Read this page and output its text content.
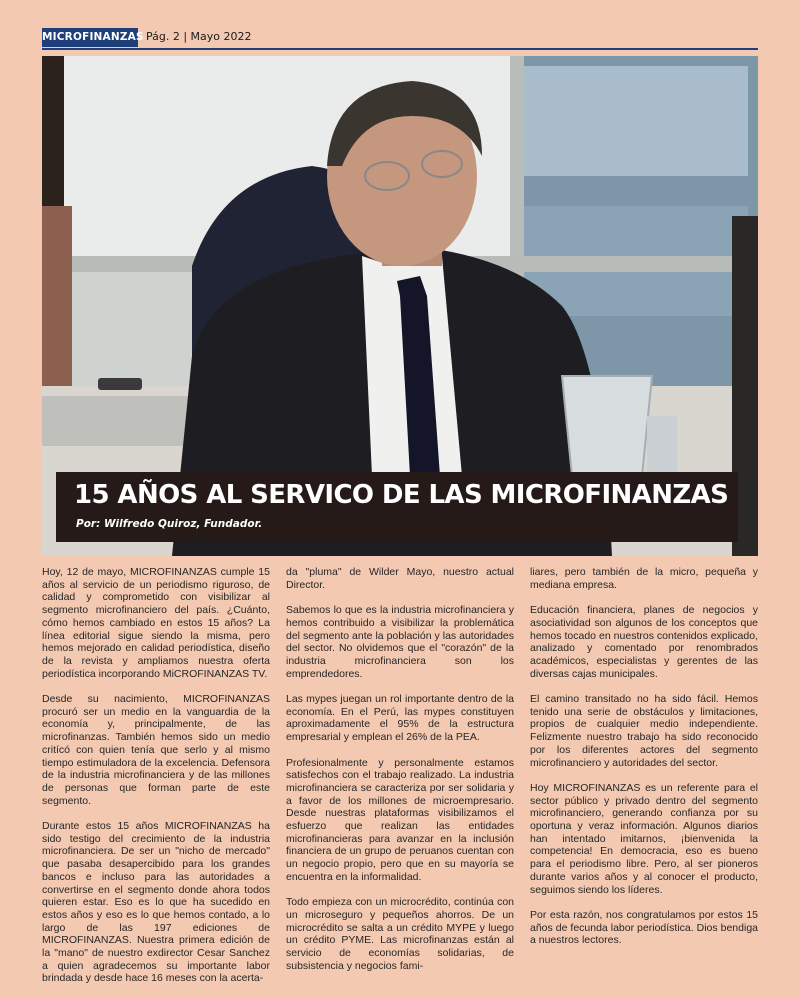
MICROFINANZAS Pág. 2 | Mayo 2022
15 AÑOS AL SERVICO DE LAS MICROFINANZAS
Por: Wilfredo Quiroz, Fundador.

Hoy, 12 de mayo, MICROFINANZAS cumple 15 años al servicio de un periodismo riguroso, de calidad y comprometido con visibilizar al segmento microfinanciero del país. ¿Cuánto, cómo hemos cambiado en estos 15 años? La línea editorial sigue siendo la misma, pero hemos mejorado en calidad periodística, diseño de la revista y ampliamos nuestra oferta periodística incorporando MiCROFINANZAS TV.

Desde su nacimiento, MICROFINANZAS procuró ser un medio en la vanguardia de la economía y, principalmente, de las microfinanzas. También hemos sido un medio critícó con quien tenía que serlo y al mismo tiempo estimuladora de la excelencia. Defensora de la industria microfinanciera y de las millones de personas que forman parte de este segmento.

Durante estos 15 años MICROFINANZAS ha sido testigo del crecimiento de la industria microfinanciera. De ser un "nicho de mercado" que pasaba desapercibido para los grandes bancos e incluso para las autoridades a convertirse en el segmento donde ahora todos quieren estar. Eso es lo que ha sucedido en estos años y eso es lo que hemos contado, a lo largo de las 197 ediciones de MICROFINANZAS. Nuestra primera edición de la "mano" de nuestro exdirector Cesar Sanchez a quien agradecemos su importante labor brindada y desde hace 16 meses con la acerta-

da "pluma" de Wilder Mayo, nuestro actual Director.

Sabemos lo que es la industria microfinanciera y hemos contribuido a visibilizar la problemática del segmento ante la población y las autoridades del sector. No olvidemos que el "corazón" de la industria microfinanciera son los emprendedores.

Las mypes juegan un rol importante dentro de la economía. En el Perú, las mypes constituyen aproximadamente el 95% de la estructura empresarial y emplean el 26% de la PEA.

Profesionalmente y personalmente estamos satisfechos con el trabajo realizado. La industria microfinanciera se caracteriza por ser solidaria y a favor de los millones de microempresario. Desde nuestras plataformas visibilizamos el esfuerzo que realizan las entidades microfinancieras para avanzar en la inclusión financiera de un grupo de peruanos cuentan con un negocio propio, pero que en su mayoría se encuentra en la informalidad.

Todo empieza con un microcrédito, continúa con un microseguro y pequeños ahorros. De un microcrédito se salta a un crédito MYPE y luego un crédito PYME. Las microfinanzas están al servicio de economías solidarias, de subsistencia y negocios fami-

liares, pero también de la micro, pequeña y mediana empresa.

Educación financiera, planes de negocios y asociatividad son algunos de los conceptos que hemos tocado en nuestros contenidos explicado, analizado y comentado por renombrados académicos, especialistas y gerentes de las diversas cajas municipales.

El camino transitado no ha sido fácil. Hemos tenido una serie de obstáculos y limitaciones, propios de cualquier medio independiente. Felizmente nuestro trabajo ha sido reconocido por los diferentes actores del segmento microfinanciero y autoridades del sector.

Hoy MICROFINANZAS es un referente para el sector público y privado dentro del segmento microfinanciero, generando confianza por su oportuna y veraz información. Algunos diarios han intentado imitarnos, ¡bienvenida la competencia! En democracia, eso es bueno para el periodismo libre. Pero, al ser pioneros durante varios años y al conocer el producto, seguimos siendo los líderes.

Por esta razón, nos congratulamos por estos 15 años de fecunda labor periodística. Dios bendiga a nuestros lectores.
